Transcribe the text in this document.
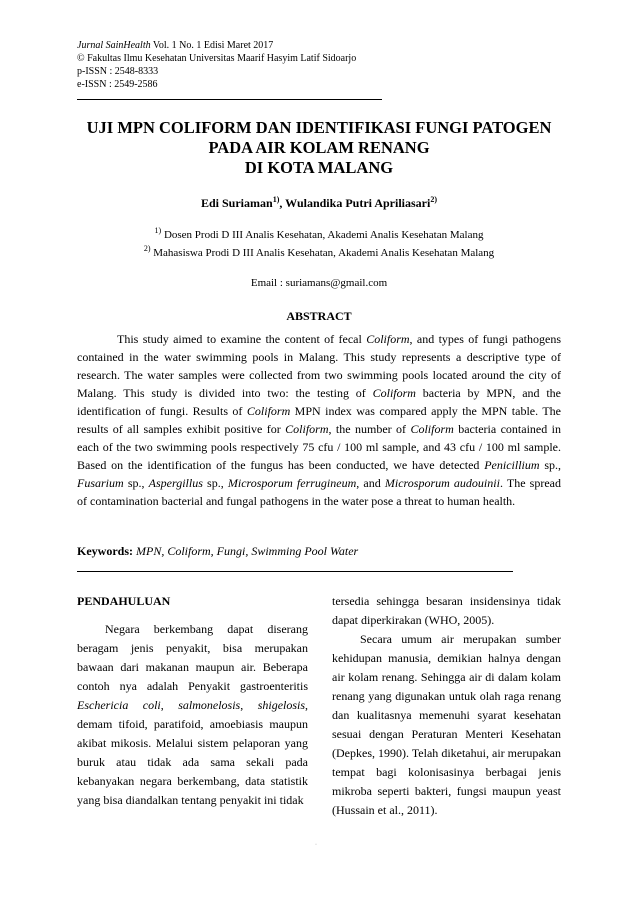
Jurnal SainHealth Vol. 1 No. 1 Edisi Maret 2017
© Fakultas Ilmu Kesehatan Universitas Maarif Hasyim Latif Sidoarjo
p-ISSN : 2548-8333
e-ISSN : 2549-2586
UJI MPN COLIFORM DAN IDENTIFIKASI FUNGI PATOGEN
PADA AIR KOLAM RENANG
DI KOTA MALANG
Edi Suriaman$^{1)}$, Wulandika Putri Apriliasari$^{2)}$
$^{1)}$ Dosen Prodi D III Analis Kesehatan, Akademi Analis Kesehatan Malang
$^{2)}$ Mahasiswa Prodi D III Analis Kesehatan, Akademi Analis Kesehatan Malang
Email : suriamans@gmail.com
ABSTRACT
This study aimed to examine the content of fecal Coliform, and types of fungi pathogens contained in the water swimming pools in Malang. This study represents a descriptive type of research. The water samples were collected from two swimming pools located around the city of Malang. This study is divided into two: the testing of Coliform bacteria by MPN, and the identification of fungi. Results of Coliform MPN index was compared apply the MPN table. The results of all samples exhibit positive for Coliform, the number of Coliform bacteria contained in each of the two swimming pools respectively 75 cfu / 100 ml sample, and 43 cfu / 100 ml sample. Based on the identification of the fungus has been conducted, we have detected Penicillium sp., Fusarium sp., Aspergillus sp., Microsporum ferrugineum, and Microsporum audouinii. The spread of contamination bacterial and fungal pathogens in the water pose a threat to human health.
Keywords: MPN, Coliform, Fungi, Swimming Pool Water
PENDAHULUAN
Negara berkembang dapat diserang beragam jenis penyakit, bisa merupakan bawaan dari makanan maupun air. Beberapa contoh nya adalah Penyakit gastroenteritis Eschericia coli, salmonelosis, shigelosis, demam tifoid, paratifoid, amoebiasis maupun akibat mikosis. Melalui sistem pelaporan yang buruk atau tidak ada sama sekali pada kebanyakan negara berkembang, data statistik yang bisa diandalkan tentang penyakit ini tidak
tersedia sehingga besaran insidensinya tidak dapat diperkirakan (WHO, 2005).
Secara umum air merupakan sumber kehidupan manusia, demikian halnya dengan air kolam renang. Sehingga air di dalam kolam renang yang digunakan untuk olah raga renang dan kualitasnya memenuhi syarat kesehatan sesuai dengan Peraturan Menteri Kesehatan (Depkes, 1990). Telah diketahui, air merupakan tempat bagi kolonisasinya berbagai jenis mikroba seperti bakteri, fungsi maupun yeast (Hussain et al., 2011).
·
